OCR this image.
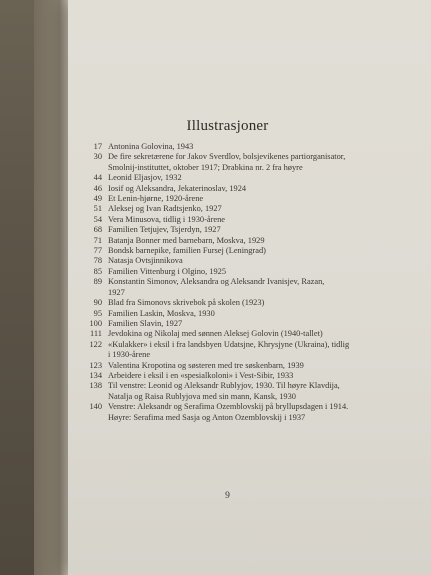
Illustrasjoner
17 Antonina Golovina, 1943
30 De fire sekretærene for Jakov Sverdlov, bolsjevikenes partiorganisator,
Smolnij-instituttet, oktober 1917; Drabkina nr. 2 fra høyre
44 Leonid Eljasjov, 1932
46 Iosif og Aleksandra, Jekaterinoslav, 1924
49 Et Lenin-hjørne, 1920-årene
51 Aleksej og Ivan Radtsjenko, 1927
54 Vera Minusova, tidlig i 1930-årene
68 Familien Tetjujev, Tsjerdyn, 1927
71 Batanja Bonner med barnebarn, Moskva, 1929
77 Bondsk barnepike, familien Fursej (Leningrad)
78 Natasja Ovtsjinnikova
85 Familien Vittenburg i Olgino, 1925
89 Konstantin Simonov, Aleksandra og Aleksandr Ivanisjev, Razan,
1927
90 Blad fra Simonovs skrivebok på skolen (1923)
95 Familien Laskin, Moskva, 1930
100 Familien Slavin, 1927
111 Jevdokina og Nikolaj med sønnen Aleksej Golovin (1940-tallet)
122 «Kulakker» i eksil i fra landsbyen Udatsjne, Khrysjyne (Ukraina), tidlig
i 1930-årene
123 Valentina Kropotina og søsteren med tre søskenbarn, 1939
134 Arbeidere i eksil i en «spesialkoloni» i Vest-Sibir, 1933
138 Til venstre: Leonid og Aleksandr Rublyjov, 1930. Til høyre Klavdija,
Natalja og Raisa Rublyjova med sin mann, Kansk, 1930
140 Venstre: Aleksandr og Serafima Ozemblovskij på bryllupsdagen i 1914.
Høyre: Serafima med Sasja og Anton Ozemblovskij i 1937
9
